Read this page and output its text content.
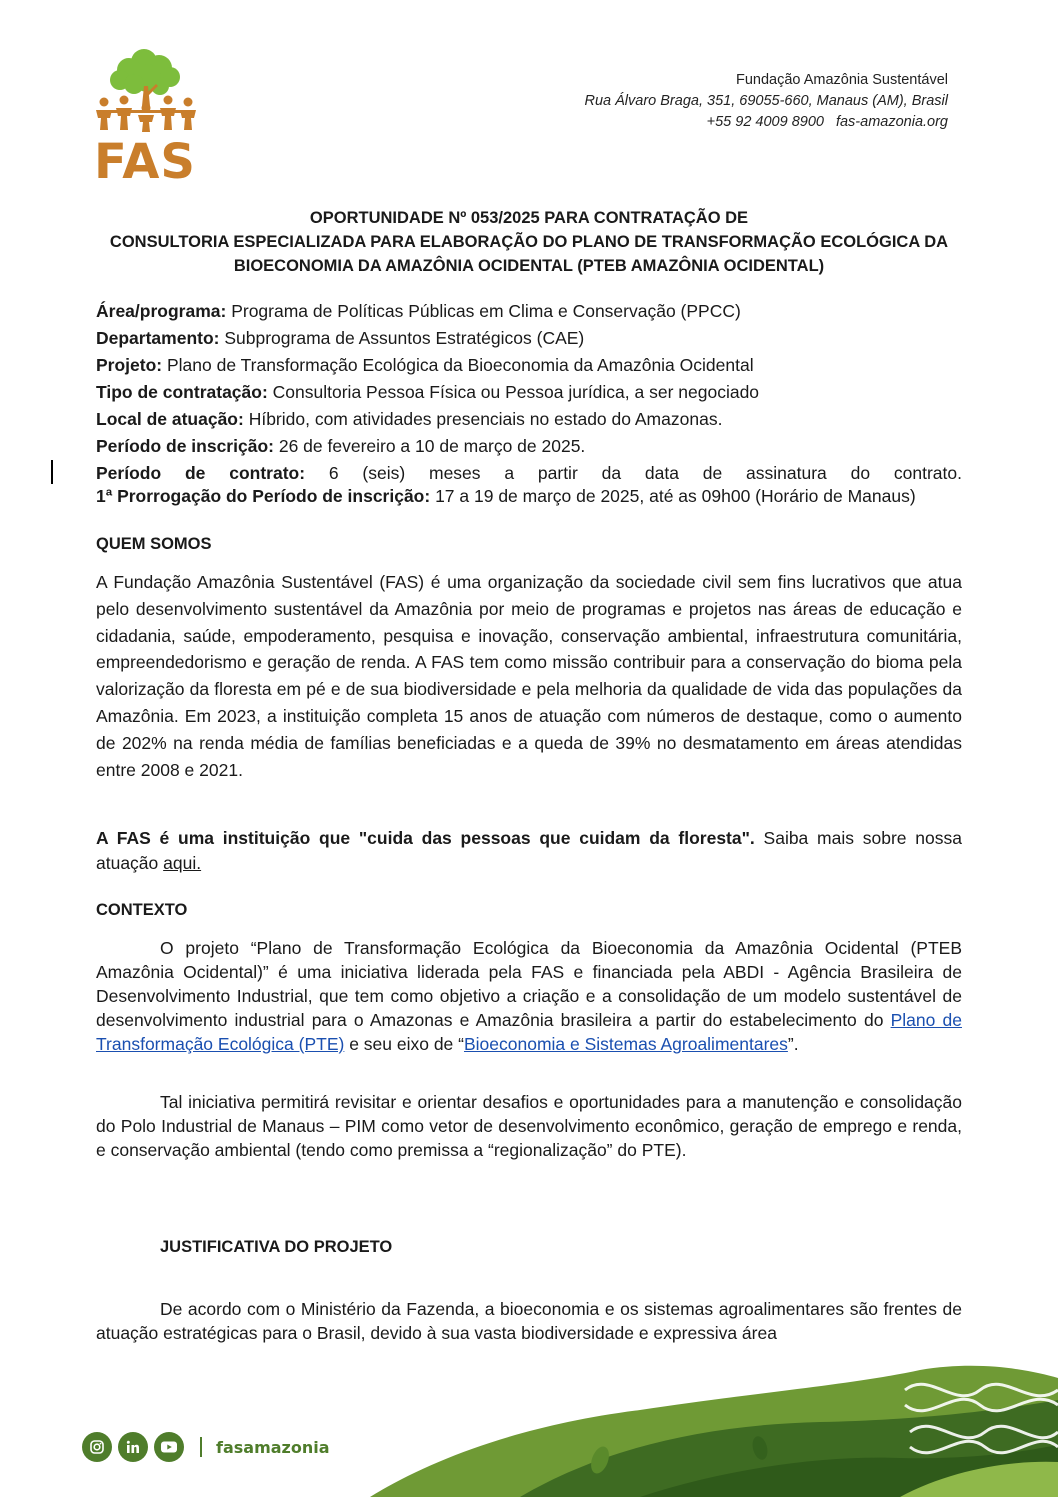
FAS
Fundação Amazônia Sustentável
Rua Álvaro Braga, 351, 69055-660, Manaus (AM), Brasil
+55 92 4009 8900 fas-amazonia.org
OPORTUNIDADE Nº 053/2025 PARA CONTRATAÇÃO DE
CONSULTORIA ESPECIALIZADA PARA ELABORAÇÃO DO PLANO DE TRANSFORMAÇÃO ECOLÓGICA DA
BIOECONOMIA DA AMAZÔNIA OCIDENTAL (PTEB AMAZÔNIA OCIDENTAL)
Área/programa: Programa de Políticas Públicas em Clima e Conservação (PPCC)
Departamento: Subprograma de Assuntos Estratégicos (CAE)
Projeto: Plano de Transformação Ecológica da Bioeconomia da Amazônia Ocidental
Tipo de contratação: Consultoria Pessoa Física ou Pessoa jurídica, a ser negociado
Local de atuação: Híbrido, com atividades presenciais no estado do Amazonas.
Período de inscrição: 26 de fevereiro a 10 de março de 2025.
Período de contrato: 6 (seis) meses a partir da data de assinatura do contrato.
1ª Prorrogação do Período de inscrição: 17 a 19 de março de 2025, até as 09h00 (Horário de Manaus)
QUEM SOMOS
A Fundação Amazônia Sustentável (FAS) é uma organização da sociedade civil sem fins lucrativos que atua pelo desenvolvimento sustentável da Amazônia por meio de programas e projetos nas áreas de educação e cidadania, saúde, empoderamento, pesquisa e inovação, conservação ambiental, infraestrutura comunitária, empreendedorismo e geração de renda. A FAS tem como missão contribuir para a conservação do bioma pela valorização da floresta em pé e de sua biodiversidade e pela melhoria da qualidade de vida das populações da Amazônia. Em 2023, a instituição completa 15 anos de atuação com números de destaque, como o aumento de 202% na renda média de famílias beneficiadas e a queda de 39% no desmatamento em áreas atendidas entre 2008 e 2021.
A FAS é uma instituição que "cuida das pessoas que cuidam da floresta". Saiba mais sobre nossa atuação aqui.
CONTEXTO
O projeto “Plano de Transformação Ecológica da Bioeconomia da Amazônia Ocidental (PTEB Amazônia Ocidental)” é uma iniciativa liderada pela FAS e financiada pela ABDI - Agência Brasileira de Desenvolvimento Industrial, que tem como objetivo a criação e a consolidação de um modelo sustentável de desenvolvimento industrial para o Amazonas e Amazônia brasileira a partir do estabelecimento do Plano de Transformação Ecológica (PTE) e seu eixo de “Bioeconomia e Sistemas Agroalimentares”.
Tal iniciativa permitirá revisitar e orientar desafios e oportunidades para a manutenção e consolidação do Polo Industrial de Manaus – PIM como vetor de desenvolvimento econômico, geração de emprego e renda, e conservação ambiental (tendo como premissa a “regionalização” do PTE).
JUSTIFICATIVA DO PROJETO
De acordo com o Ministério da Fazenda, a bioeconomia e os sistemas agroalimentares são frentes de atuação estratégicas para o Brasil, devido à sua vasta biodiversidade e expressiva área
fasamazonia
